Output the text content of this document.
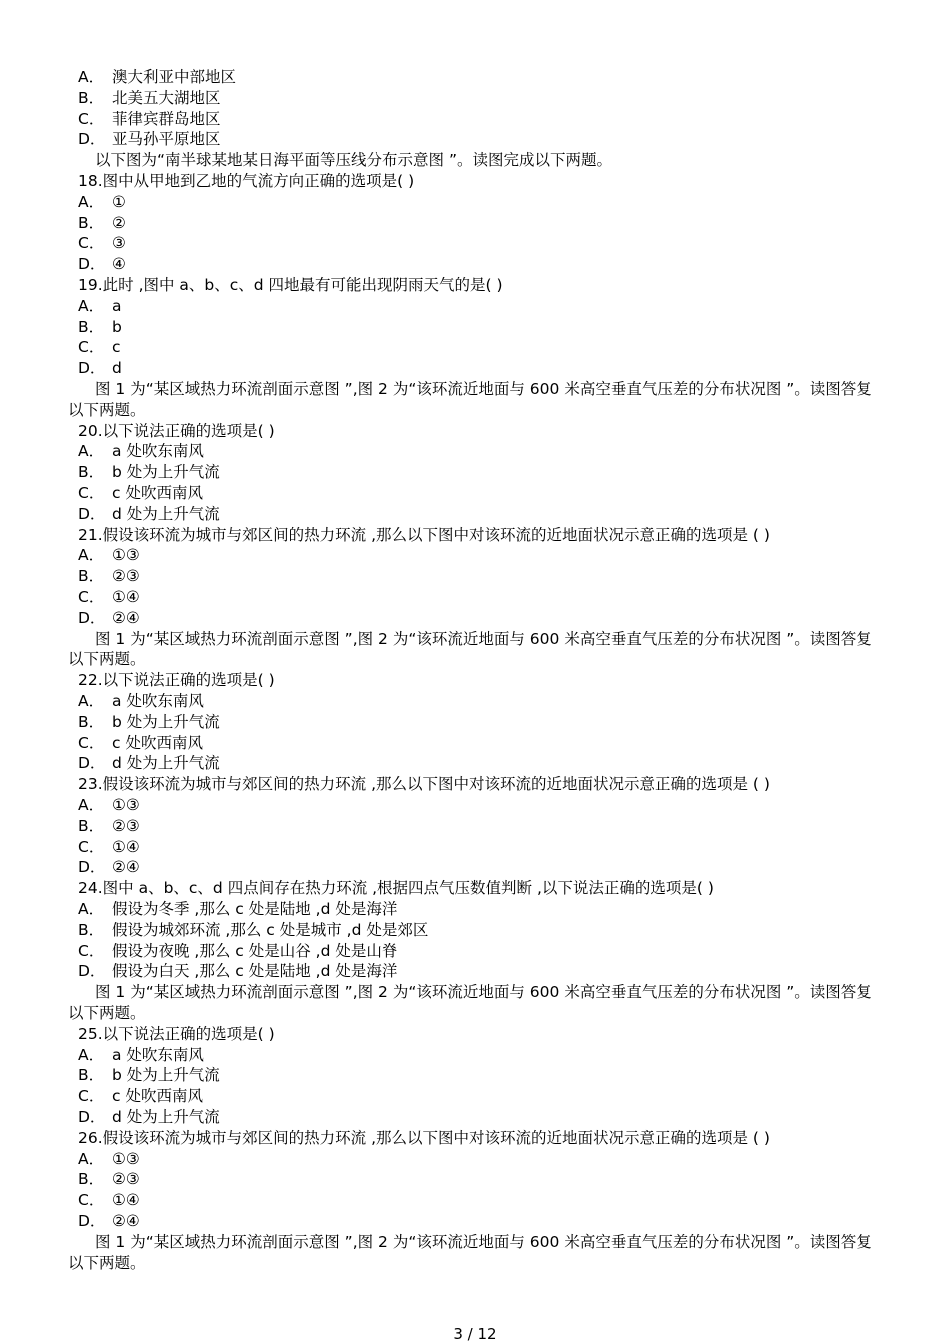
A． 澳大利亚中部地区
B． 北美五大湖地区
C． 菲律宾群岛地区
D． 亚马孙平原地区
以下图为“南半球某地某日海平面等压线分布示意图 ”。读图完成以下两题。
18.图中从甲地到乙地的气流方向正确的选项是( )
A． ①
B． ②
C． ③
D． ④
19.此时 ,图中 a、b、c、d 四地最有可能出现阴雨天气的是( )
A． a
B． b
C． c
D． d
图 1 为“某区域热力环流剖面示意图 ”,图 2 为“该环流近地面与 600 米高空垂直气压差的分布状况图 ”。读图答复以下两题。
20.以下说法正确的选项是( )
A． a 处吹东南风
B． b 处为上升气流
C． c 处吹西南风
D． d 处为上升气流
21.假设该环流为城市与郊区间的热力环流 ,那么以下图中对该环流的近地面状况示意正确的选项是 ( )
A． ①③
B． ②③
C． ①④
D． ②④
图 1 为“某区域热力环流剖面示意图 ”,图 2 为“该环流近地面与 600 米高空垂直气压差的分布状况图 ”。读图答复以下两题。
22.以下说法正确的选项是( )
A． a 处吹东南风
B． b 处为上升气流
C． c 处吹西南风
D． d 处为上升气流
23.假设该环流为城市与郊区间的热力环流 ,那么以下图中对该环流的近地面状况示意正确的选项是 ( )
A． ①③
B． ②③
C． ①④
D． ②④
24.图中 a、b、c、d 四点间存在热力环流 ,根据四点气压数值判断 ,以下说法正确的选项是( )
A． 假设为冬季 ,那么 c 处是陆地 ,d 处是海洋
B． 假设为城郊环流 ,那么 c 处是城市 ,d 处是郊区
C． 假设为夜晚 ,那么 c 处是山谷 ,d 处是山脊
D． 假设为白天 ,那么 c 处是陆地 ,d 处是海洋
图 1 为“某区域热力环流剖面示意图 ”,图 2 为“该环流近地面与 600 米高空垂直气压差的分布状况图 ”。读图答复以下两题。
25.以下说法正确的选项是( )
A． a 处吹东南风
B． b 处为上升气流
C． c 处吹西南风
D． d 处为上升气流
26.假设该环流为城市与郊区间的热力环流 ,那么以下图中对该环流的近地面状况示意正确的选项是 ( )
A． ①③
B． ②③
C． ①④
D． ②④
图 1 为“某区域热力环流剖面示意图 ”,图 2 为“该环流近地面与 600 米高空垂直气压差的分布状况图 ”。读图答复以下两题。
3 / 12
